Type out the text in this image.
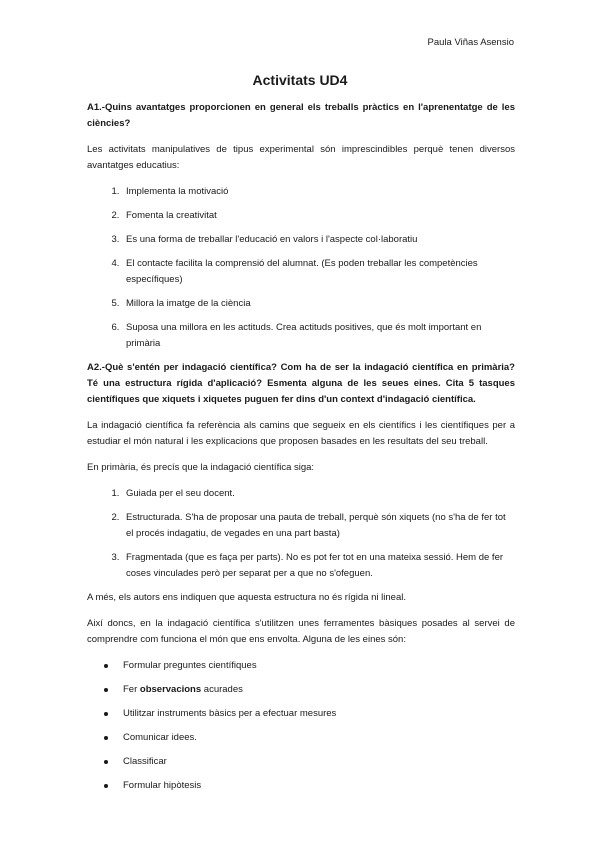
Paula Viñas Asensio
Activitats UD4

A1.-Quins avantatges proporcionen en general els treballs pràctics en l'aprenentatge de les ciències?

Les activitats manipulatives de tipus experimental són imprescindibles perquè tenen diversos avantatges educatius:

1. Implementa la motivació
2. Fomenta la creativitat
3. Es una forma de treballar l'educació en valors i l'aspecte col·laboratiu
4. El contacte facilita la comprensió del alumnat. (Es poden treballar les competències específiques)
5. Millora la imatge de la ciència
6. Suposa una millora en les actituds. Crea actituds positives, que és molt important en primària

A2.-Què s'entén per indagació científica? Com ha de ser la indagació científica en primària? Té una estructura rígida d'aplicació? Esmenta alguna de les seues eines. Cita 5 tasques científiques que xiquets i xiquetes puguen fer dins d'un context d'indagació científica.

La indagació científica fa referència als camins que segueix en els científics i les científiques per a estudiar el món natural i les explicacions que proposen basades en les resultats del seu treball.

En primària, és precís que la indagació científica siga:

1. Guiada per el seu docent.
2. Estructurada. S'ha de proposar una pauta de treball, perquè són xiquets (no s'ha de fer tot el procés indagatiu, de vegades en una part basta)
3. Fragmentada (que es faça per parts). No es pot fer tot en una mateixa sessió. Hem de fer coses vinculades però per separat per a que no s'ofeguen.

A més, els autors ens indiquen que aquesta estructura no és rígida ni lineal.

Així doncs, en la indagació científica s'utilitzen unes ferramentes bàsiques posades al servei de comprendre com funciona el món que ens envolta. Alguna de les eines són:

Formular preguntes científiques
Fer observacions acurades
Utilitzar instruments bàsics per a efectuar mesures
Comunicar idees.
Classificar
Formular hipòtesis
